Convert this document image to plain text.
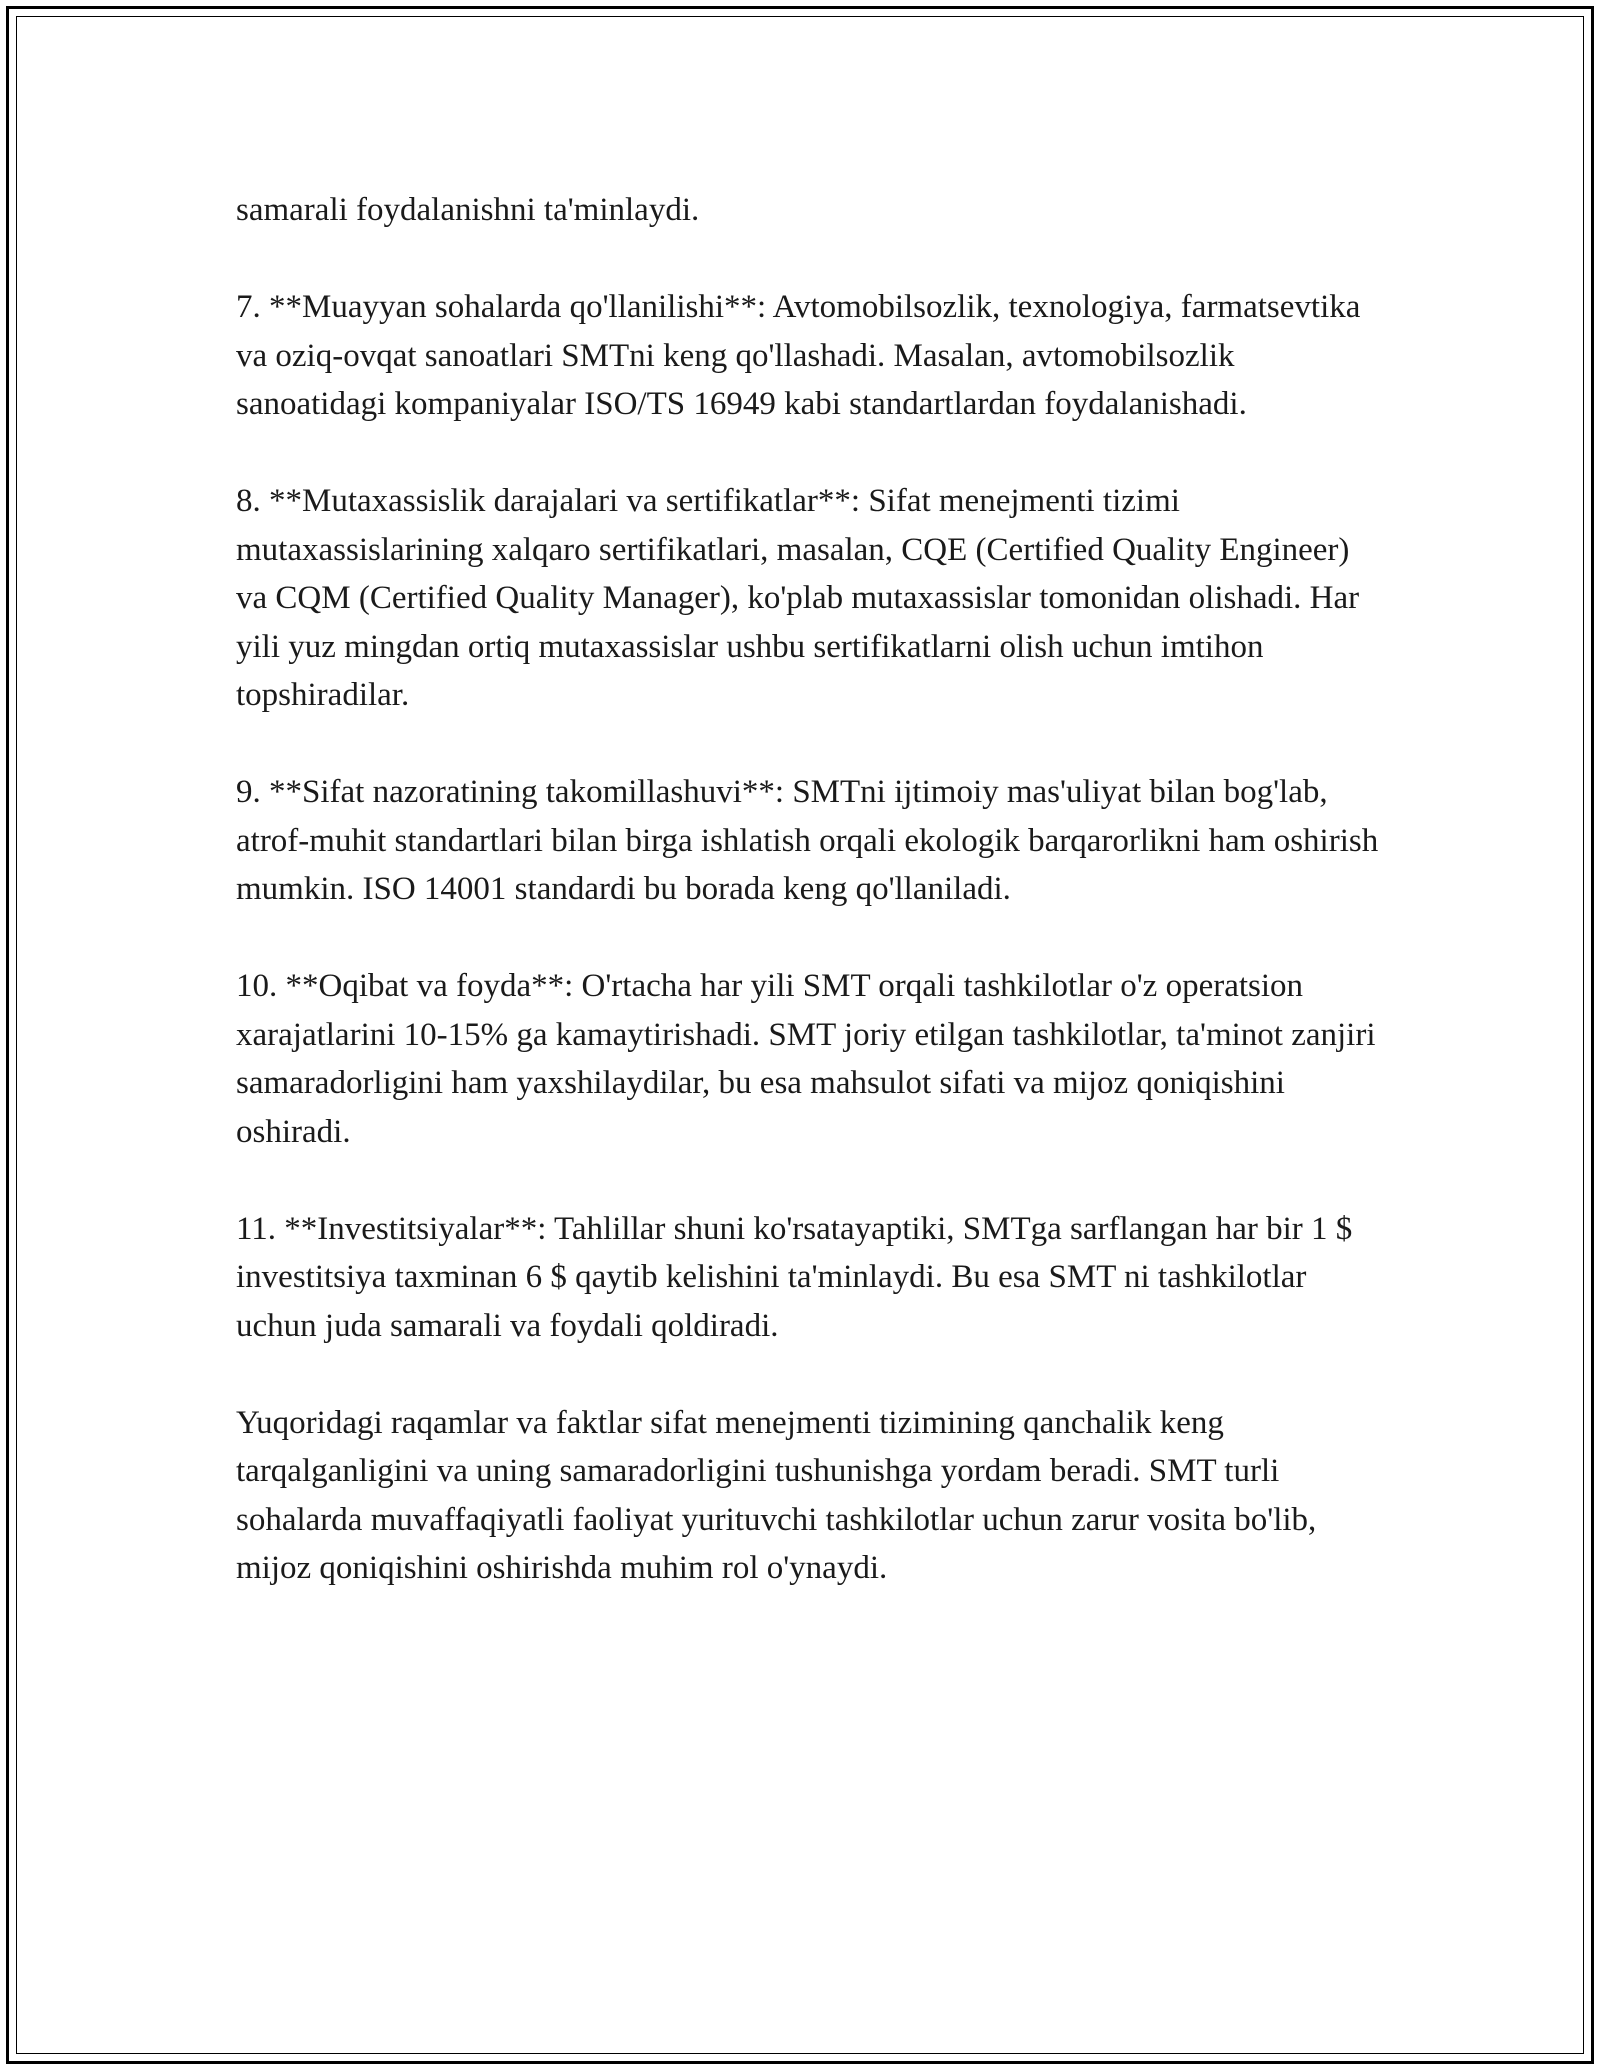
samarali foydalanishni ta'minlaydi.

7. **Muayyan sohalarda qo'llanilishi**: Avtomobilsozlik, texnologiya, farmatsevtika va oziq-ovqat sanoatlari SMTni keng qo'llashadi. Masalan, avtomobilsozlik sanoatidagi kompaniyalar ISO/TS 16949 kabi standartlardan foydalanishadi.

8. **Mutaxassislik darajalari va sertifikatlar**: Sifat menejmenti tizimi mutaxassislarining xalqaro sertifikatlari, masalan, CQE (Certified Quality Engineer) va CQM (Certified Quality Manager), ko'plab mutaxassislar tomonidan olishadi. Har yili yuz mingdan ortiq mutaxassislar ushbu sertifikatlarni olish uchun imtihon topshiradilar.

9. **Sifat nazoratining takomillashuvi**: SMTni ijtimoiy mas'uliyat bilan bog'lab, atrof-muhit standartlari bilan birga ishlatish orqali ekologik barqarorlikni ham oshirish mumkin. ISO 14001 standardi bu borada keng qo'llaniladi.

10. **Oqibat va foyda**: O'rtacha har yili SMT orqali tashkilotlar o'z operatsion xarajatlarini 10-15% ga kamaytirishadi. SMT joriy etilgan tashkilotlar, ta'minot zanjiri samaradorligini ham yaxshilaydilar, bu esa mahsulot sifati va mijoz qoniqishini oshiradi.

11. **Investitsiyalar**: Tahlillar shuni ko'rsatayaptiki, SMTga sarflangan har bir 1 $ investitsiya taxminan 6 $ qaytib kelishini ta'minlaydi. Bu esa SMT ni tashkilotlar uchun juda samarali va foydali qoldiradi.

Yuqoridagi raqamlar va faktlar sifat menejmenti tizimining qanchalik keng tarqalganligini va uning samaradorligini tushunishga yordam beradi. SMT turli sohalarda muvaffaqiyatli faoliyat yurituvchi tashkilotlar uchun zarur vosita bo'lib, mijoz qoniqishini oshirishda muhim rol o'ynaydi.
